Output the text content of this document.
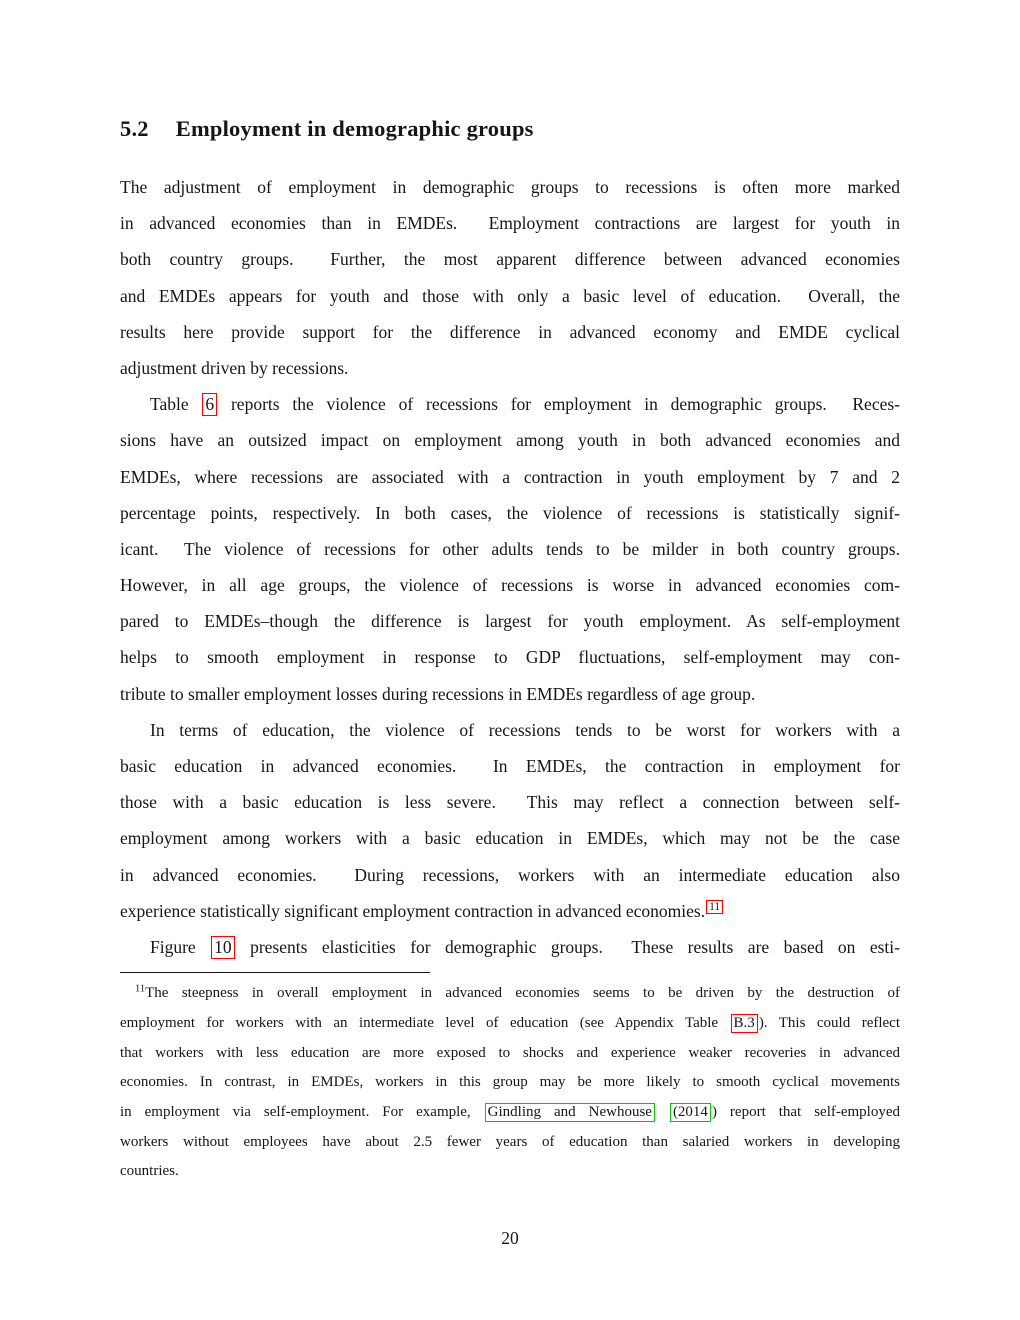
5.2 Employment in demographic groups
The adjustment of employment in demographic groups to recessions is often more marked
in advanced economies than in EMDEs.  Employment contractions are largest for youth in
both country groups.  Further, the most apparent difference between advanced economies
and EMDEs appears for youth and those with only a basic level of education.  Overall, the
results here provide support for the difference in advanced economy and EMDE cyclical
adjustment driven by recessions.
Table 6 reports the violence of recessions for employment in demographic groups.  Reces-
sions have an outsized impact on employment among youth in both advanced economies and
EMDEs, where recessions are associated with a contraction in youth employment by 7 and 2
percentage points, respectively. In both cases, the violence of recessions is statistically signif-
icant.  The violence of recessions for other adults tends to be milder in both country groups.
However, in all age groups, the violence of recessions is worse in advanced economies com-
pared to EMDEs–though the difference is largest for youth employment. As self-employment
helps to smooth employment in response to GDP fluctuations, self-employment may con-
tribute to smaller employment losses during recessions in EMDEs regardless of age group.
In terms of education, the violence of recessions tends to be worst for workers with a
basic education in advanced economies.  In EMDEs, the contraction in employment for
those with a basic education is less severe.  This may reflect a connection between self-
employment among workers with a basic education in EMDEs, which may not be the case
in advanced economies.  During recessions, workers with an intermediate education also
experience statistically significant employment contraction in advanced economies. $^{11}$
Figure 10 presents elasticities for demographic groups.  These results are based on esti-
$^{11}$The steepness in overall employment in advanced economies seems to be driven by the destruction of
employment for workers with an intermediate level of education (see Appendix Table B.3 ). This could reflect
that workers with less education are more exposed to shocks and experience weaker recoveries in advanced
economies. In contrast, in EMDEs, workers in this group may be more likely to smooth cyclical movements
in employment via self-employment. For example, Gindling and Newhouse (2014 ) report that self-employed
workers without employees have about 2.5 fewer years of education than salaried workers in developing
countries.
20
